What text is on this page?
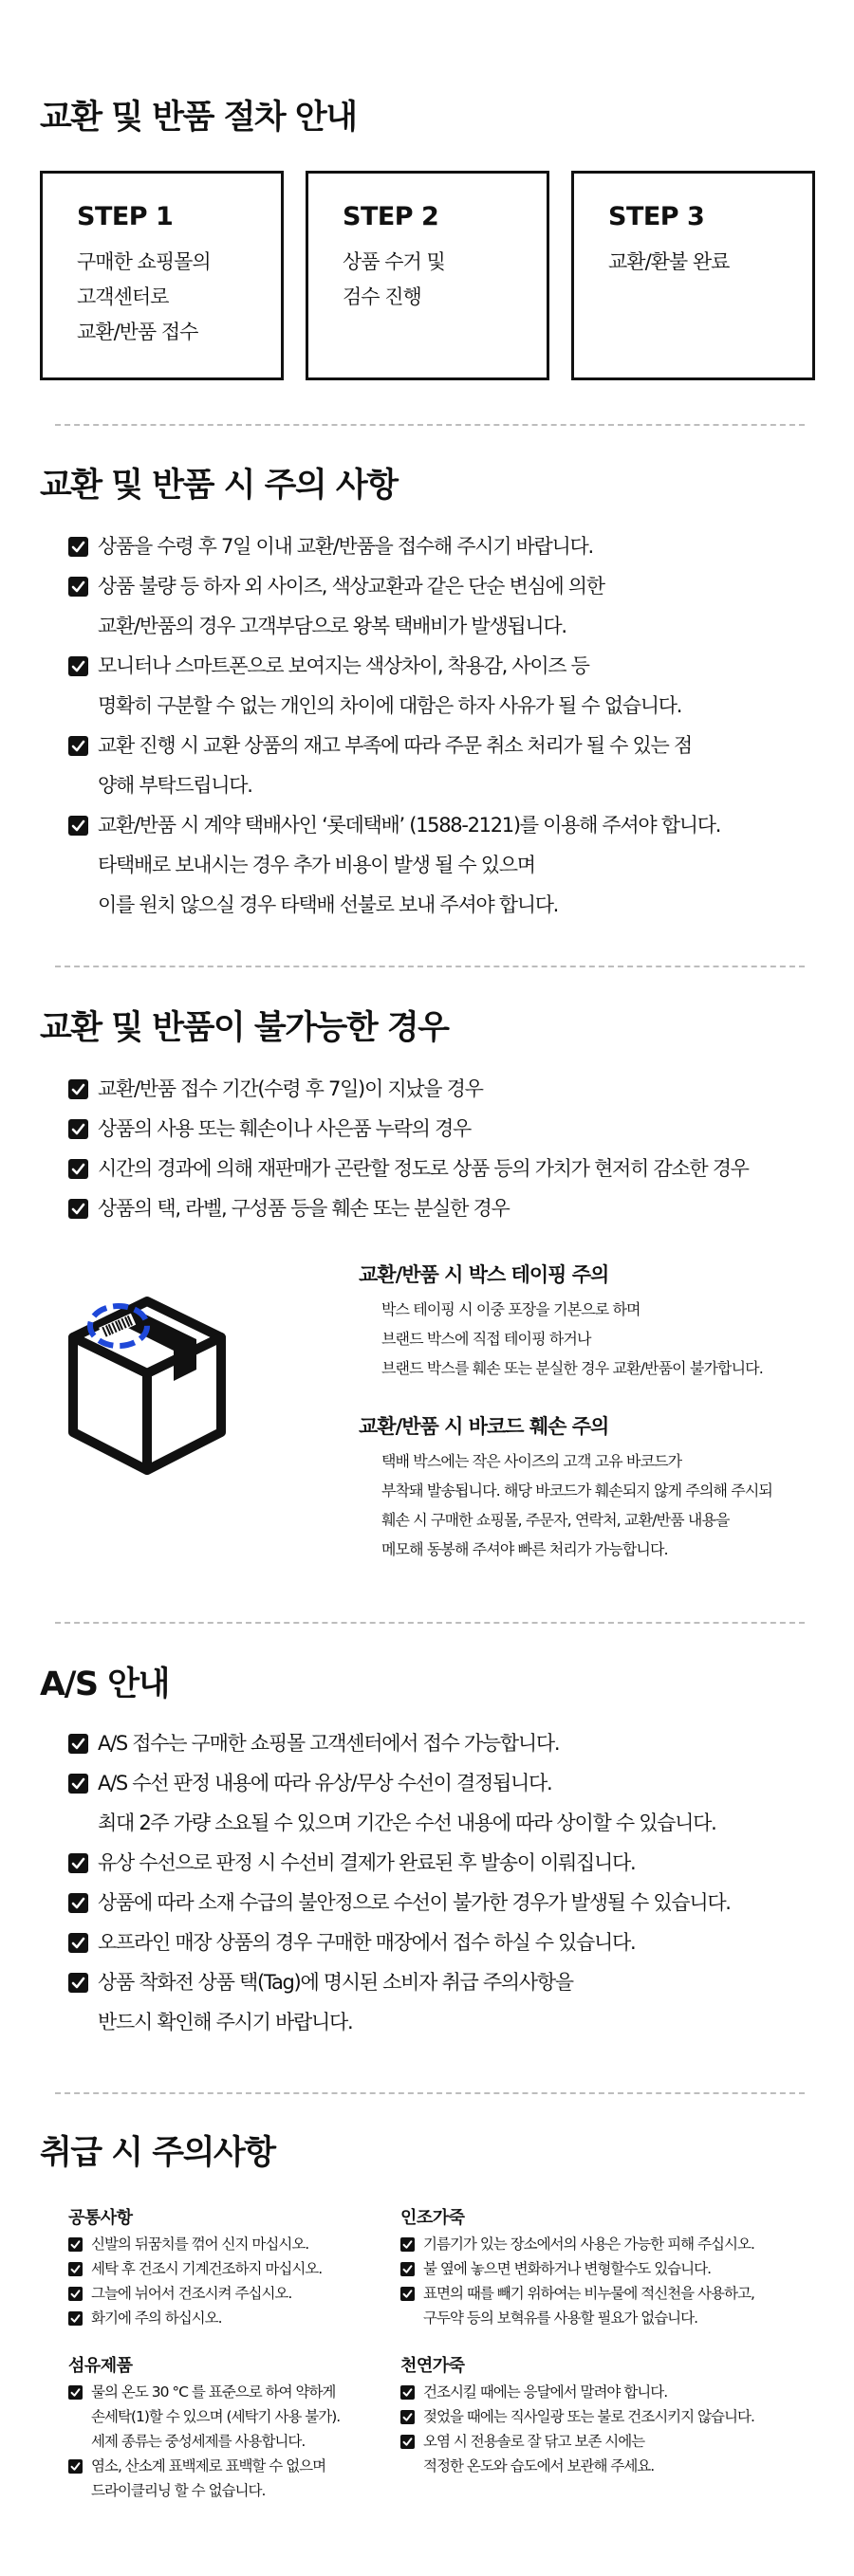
교환 및 반품 절차 안내
STEP 1
구매한 쇼핑몰의
고객센터로
교환/반품 접수
STEP 2
상품 수거 및
검수 진행
STEP 3
교환/환불 완료
교환 및 반품 시 주의 사항
상품을 수령 후 7일 이내 교환/반품을 접수해 주시기 바랍니다.
상품 불량 등 하자 외 사이즈, 색상교환과 같은 단순 변심에 의한
교환/반품의 경우 고객부담으로 왕복 택배비가 발생됩니다.
모니터나 스마트폰으로 보여지는 색상차이, 착용감, 사이즈 등
명확히 구분할 수 없는 개인의 차이에 대함은 하자 사유가 될 수 없습니다.
교환 진행 시 교환 상품의 재고 부족에 따라 주문 취소 처리가 될 수 있는 점
양해 부탁드립니다.
교환/반품 시 계약 택배사인 ‘롯데택배’ (1588-2121)를 이용해 주셔야 합니다.
타택배로 보내시는 경우 추가 비용이 발생 될 수 있으며
이를 원치 않으실 경우 타택배 선불로 보내 주셔야 합니다.
교환 및 반품이 불가능한 경우
교환/반품 접수 기간(수령 후 7일)이 지났을 경우
상품의 사용 또는 훼손이나 사은품 누락의 경우
시간의 경과에 의해 재판매가 곤란할 정도로 상품 등의 가치가 현저히 감소한 경우
상품의 택, 라벨, 구성품 등을 훼손 또는 분실한 경우
교환/반품 시 박스 테이핑 주의
박스 테이핑 시 이중 포장을 기본으로 하며
브랜드 박스에 직접 테이핑 하거나
브랜드 박스를 훼손 또는 분실한 경우 교환/반품이 불가합니다.
교환/반품 시 바코드 훼손 주의
택배 박스에는 작은 사이즈의 고객 고유 바코드가
부착돼 발송됩니다. 해당 바코드가 훼손되지 않게 주의해 주시되
훼손 시 구매한 쇼핑몰, 주문자, 연락처, 교환/반품 내용을
메모해 동봉해 주셔야 빠른 처리가 가능합니다.
A/S 안내
A/S 접수는 구매한 쇼핑몰 고객센터에서 접수 가능합니다.
A/S 수선 판정 내용에 따라 유상/무상 수선이 결정됩니다.
최대 2주 가량 소요될 수 있으며 기간은 수선 내용에 따라 상이할 수 있습니다.
유상 수선으로 판정 시 수선비 결제가 완료된 후 발송이 이뤄집니다.
상품에 따라 소재 수급의 불안정으로 수선이 불가한 경우가 발생될 수 있습니다.
오프라인 매장 상품의 경우 구매한 매장에서 접수 하실 수 있습니다.
상품 착화전 상품 택(Tag)에 명시된 소비자 취급 주의사항을
반드시 확인해 주시기 바랍니다.
취급 시 주의사항
공통사항
신발의 뒤꿈치를 꺾어 신지 마십시오.
세탁 후 건조시 기계건조하지 마십시오.
그늘에 뉘어서 건조시켜 주십시오.
화기에 주의 하십시오.
인조가죽
기름기가 있는 장소에서의 사용은 가능한 피해 주십시오.
불 옆에 놓으면 변화하거나 변형할수도 있습니다.
표면의 때를 빼기 위하여는 비누물에 적신천을 사용하고,
구두약 등의 보혁유를 사용할 필요가 없습니다.
섬유제품
물의 온도 30 °C 를 표준으로 하여 약하게
손세탁(1)할 수 있으며 (세탁기 사용 불가).
세제 종류는 중성세제를 사용합니다.
염소, 산소계 표백제로 표백할 수 없으며
드라이클리닝 할 수 없습니다.
천연가죽
건조시킬 때에는 응달에서 말려야 합니다.
젖었을 때에는 직사일광 또는 불로 건조시키지 않습니다.
오염 시 전용솔로 잘 닦고 보존 시에는
적정한 온도와 습도에서 보관해 주세요.
